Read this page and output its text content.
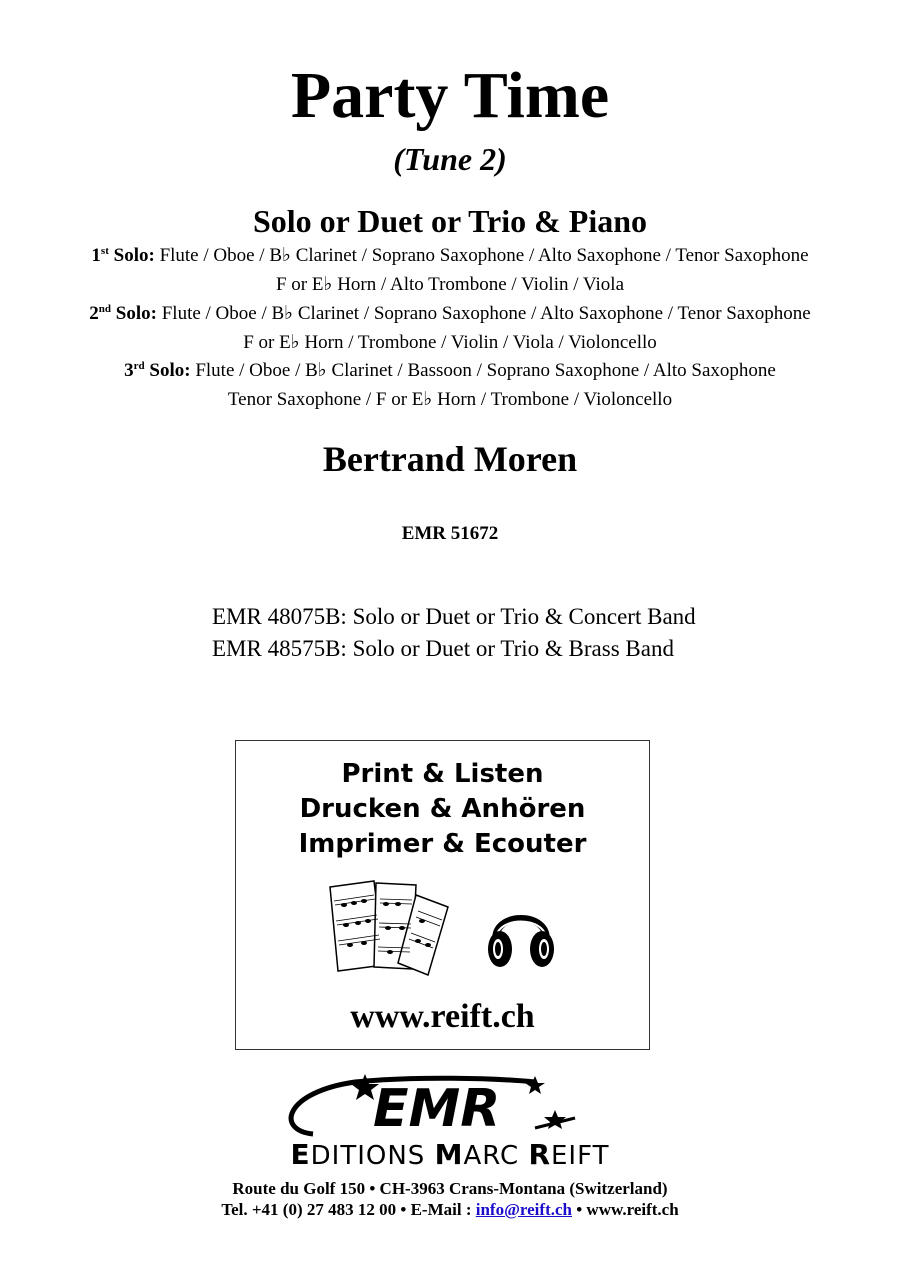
Party Time
(Tune 2)
Solo or Duet or Trio & Piano
1st Solo: Flute / Oboe / B♭ Clarinet / Soprano Saxophone / Alto Saxophone / Tenor Saxophone
F or E♭ Horn / Alto Trombone / Violin / Viola
2nd Solo: Flute / Oboe / B♭ Clarinet / Soprano Saxophone / Alto Saxophone / Tenor Saxophone
F or E♭ Horn / Trombone / Violin / Viola / Violoncello
3rd Solo: Flute / Oboe / B♭ Clarinet / Bassoon / Soprano Saxophone / Alto Saxophone
Tenor Saxophone / F or E♭ Horn / Trombone / Violoncello
Bertrand Moren
EMR 51672
EMR 48075B: Solo or Duet or Trio & Concert Band
EMR 48575B: Solo or Duet or Trio & Brass Band
Print & Listen
Drucken & Anhören
Imprimer & Ecouter
www.reift.ch
EMR
EDITIONS MARC REIFT
Route du Golf 150 • CH-3963 Crans-Montana (Switzerland)
Tel. +41 (0) 27 483 12 00 • E-Mail : info@reift.ch • www.reift.ch
